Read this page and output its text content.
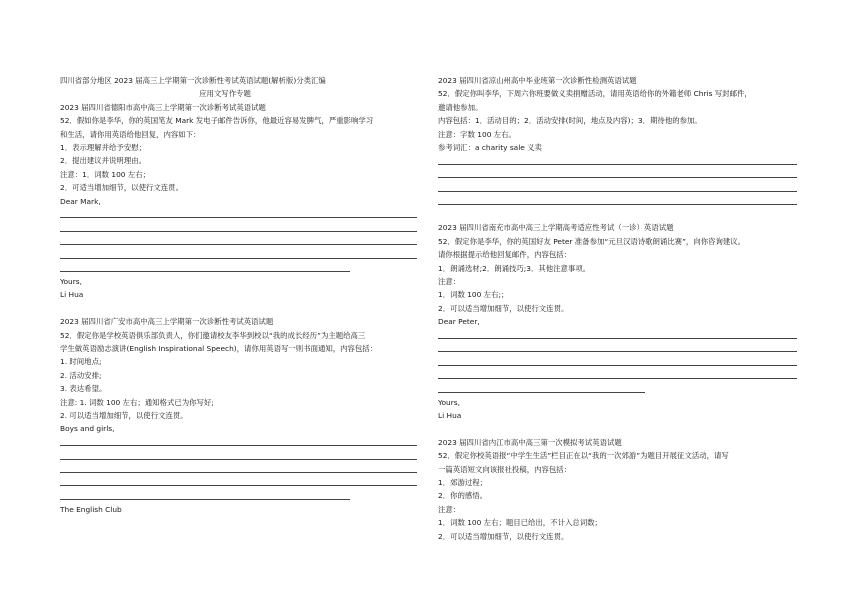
四川省部分地区 2023 届高三上学期第一次诊断性考试英语试题(解析版)分类汇编
应用文写作专题
2023 届四川省德阳市高中高三上学期第一次诊断考试英语试题
52．假如你是李华，你的英国笔友 Mark 发电子邮件告诉你，他最近容易发脾气，严重影响学习
和生活，请你用英语给他回复，内容如下：
1．表示理解并给予安慰；
2．提出建议并说明理由。
注意：1．词数 100 左右；
2．可适当增加细节，以使行文连贯。
Dear Mark,
Yours,
Li Hua
2023 届四川省广安市高中高三上学期第一次诊断性考试英语试题
52．假定你是学校英语俱乐部负责人，你们邀请校友李华到校以“我的成长经历”为主题给高三
学生做英语励志演讲(English Inspirational Speech)，请你用英语写一则书面通知，内容包括：
1. 时间地点;
2. 活动安排;
3. 表达希望。
注意: 1. 词数 100 左右；通知格式已为你写好;
2. 可以适当增加细节，以使行文连贯。
Boys and girls,
The English Club
2023 届四川省凉山州高中毕业班第一次诊断性检测英语试题
52．假定你叫李华，下周六你班要做义卖捐赠活动，请用英语给你的外籍老师 Chris 写封邮件，
邀请他参加。
内容包括：1．活动目的；2．活动安排(时间，地点及内容)；3．期待他的参加。
注意：字数 100 左右。
参考词汇：a charity sale 义卖
2023 届四川省南充市高中高三上学期高考适应性考试（一诊）英语试题
52．假定你是李华，你的英国好友 Peter 准备参加“元旦汉语诗歌朗诵比赛”，向你咨询建议。
请你根据提示给他回复邮件，内容包括：
1．朗诵选材;2．朗诵技巧;3．其他注意事项。
注意：
1．词数 100 左右;；
2．可以适当增加细节，以使行文连贯。
Dear Peter,
Yours,
Li Hua
2023 届四川省内江市高中高三第一次模拟考试英语试题
52．假定你校英语报“中学生生活”栏目正在以“我的一次郊游”为题目开展征文活动，请写
一篇英语短文向该报社投稿，内容包括：
1．郊游过程；
2．你的感悟。
注意：
1．词数 100 左右；题目已给出，不计入总词数；
2．可以适当增加细节，以使行文连贯。
